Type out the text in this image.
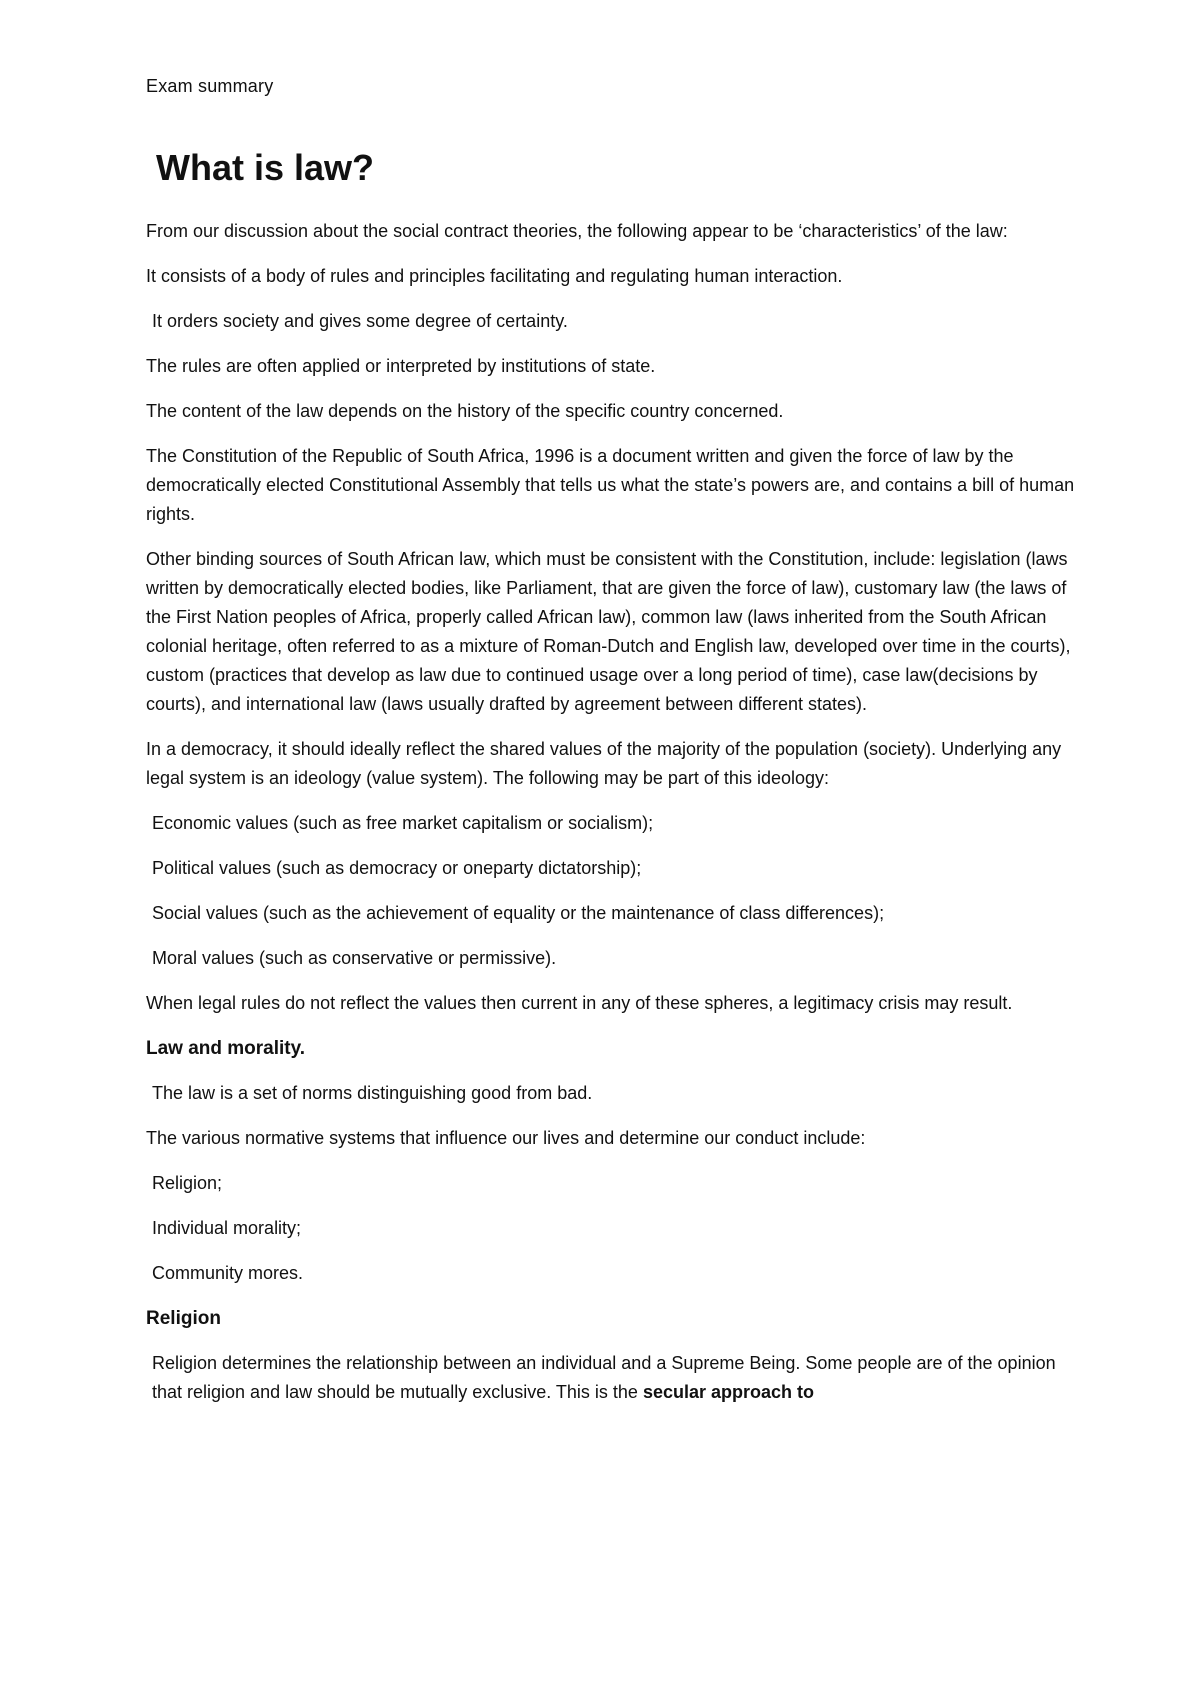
Exam summary
What is law?

From our discussion about the social contract theories, the following appear to be ‘characteristics’ of the law:

It consists of a body of rules and principles facilitating and regulating human interaction.

It orders society and gives some degree of certainty.

The rules are often applied or interpreted by institutions of state.

The content of the law depends on the history of the specific country concerned.

The Constitution of the Republic of South Africa, 1996 is a document written and given the force of law by the democratically elected Constitutional Assembly that tells us what the state’s powers are, and contains a bill of human rights.

Other binding sources of South African law, which must be consistent with the Constitution, include: legislation (laws written by democratically elected bodies, like Parliament, that are given the force of law), customary law (the laws of the First Nation peoples of Africa, properly called African law), common law (laws inherited from the South African colonial heritage, often referred to as a mixture of Roman-Dutch and English law, developed over time in the courts), custom (practices that develop as law due to continued usage over a long period of time), case law(decisions by courts), and international law (laws usually drafted by agreement between different states).

In a democracy, it should ideally reflect the shared values of the majority of the population (society). Underlying any legal system is an ideology (value system). The following may be part of this ideology:

Economic values (such as free market capitalism or socialism);

Political values (such as democracy or oneparty dictatorship);

Social values (such as the achievement of equality or the maintenance of class differences);

Moral values (such as conservative or permissive).

When legal rules do not reflect the values then current in any of these spheres, a legitimacy crisis may result.

Law and morality.

The law is a set of norms distinguishing good from bad.

The various normative systems that influence our lives and determine our conduct include:

Religion;

Individual morality;

Community mores.

Religion

Religion determines the relationship between an individual and a Supreme Being. Some people are of the opinion that religion and law should be mutually exclusive. This is the secular approach to
